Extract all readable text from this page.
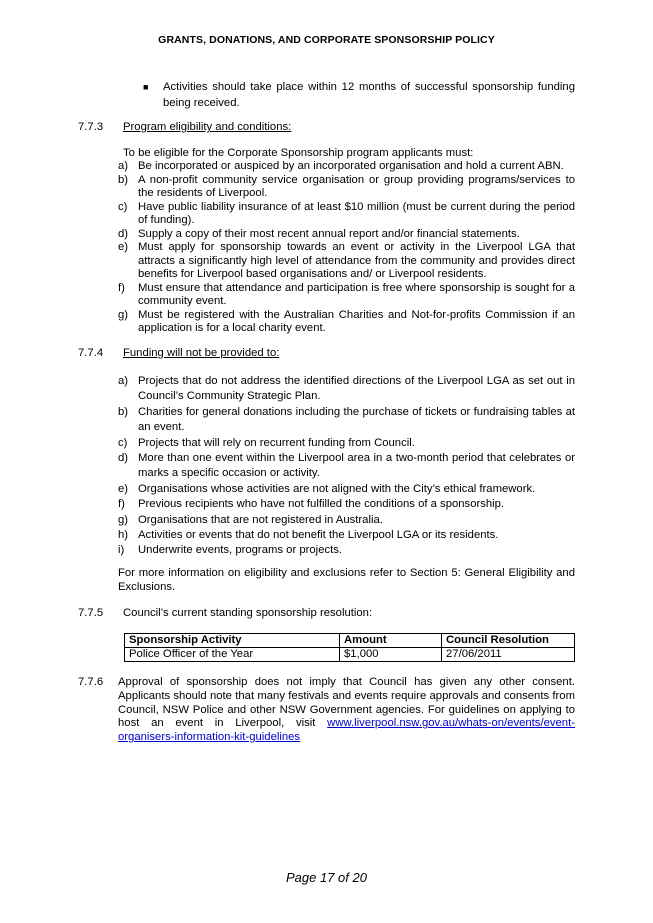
GRANTS, DONATIONS, AND CORPORATE SPONSORSHIP POLICY
■ Activities should take place within 12 months of successful sponsorship funding being received.
7.7.3 Program eligibility and conditions:
To be eligible for the Corporate Sponsorship program applicants must:
a) Be incorporated or auspiced by an incorporated organisation and hold a current ABN.
b) A non-profit community service organisation or group providing programs/services to the residents of Liverpool.
c) Have public liability insurance of at least $10 million (must be current during the period of funding).
d) Supply a copy of their most recent annual report and/or financial statements.
e) Must apply for sponsorship towards an event or activity in the Liverpool LGA that attracts a significantly high level of attendance from the community and provides direct benefits for Liverpool based organisations and/ or Liverpool residents.
f) Must ensure that attendance and participation is free where sponsorship is sought for a community event.
g) Must be registered with the Australian Charities and Not-for-profits Commission if an application is for a local charity event.
7.7.4 Funding will not be provided to:
a) Projects that do not address the identified directions of the Liverpool LGA as set out in Council’s Community Strategic Plan.
b) Charities for general donations including the purchase of tickets or fundraising tables at an event.
c) Projects that will rely on recurrent funding from Council.
d) More than one event within the Liverpool area in a two-month period that celebrates or marks a specific occasion or activity.
e) Organisations whose activities are not aligned with the City’s ethical framework.
f) Previous recipients who have not fulfilled the conditions of a sponsorship.
g) Organisations that are not registered in Australia.
h) Activities or events that do not benefit the Liverpool LGA or its residents.
i) Underwrite events, programs or projects.
For more information on eligibility and exclusions refer to Section 5: General Eligibility and Exclusions.
7.7.5 Council’s current standing sponsorship resolution:
Sponsorship Activity	Amount	Council Resolution
Police Officer of the Year	$1,000	27/06/2011
7.7.6 Approval of sponsorship does not imply that Council has given any other consent. Applicants should note that many festivals and events require approvals and consents from Council, NSW Police and other NSW Government agencies. For guidelines on applying to host an event in Liverpool, visit www.liverpool.nsw.gov.au/whats-on/events/event-organisers-information-kit-guidelines
Page 17 of 20
